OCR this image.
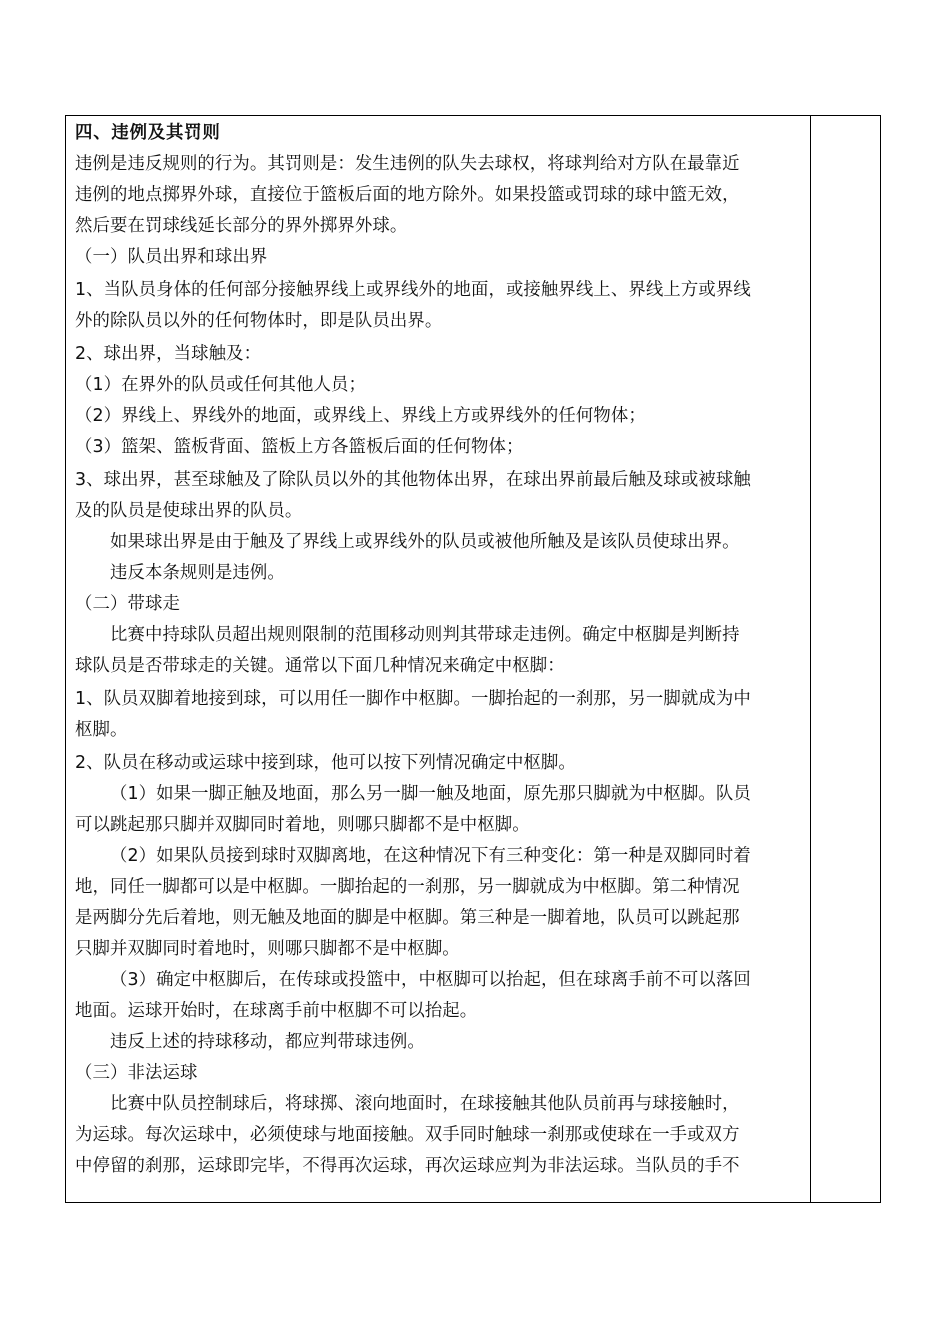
四、违例及其罚则
违例是违反规则的行为。其罚则是：发生违例的队失去球权，将球判给对方队在最靠近
违例的地点掷界外球，直接位于篮板后面的地方除外。如果投篮或罚球的球中篮无效，
然后要在罚球线延长部分的界外掷界外球。
（一）队员出界和球出界
1、当队员身体的任何部分接触界线上或界线外的地面，或接触界线上、界线上方或界线
外的除队员以外的任何物体时，即是队员出界。
2、球出界，当球触及：
（1）在界外的队员或任何其他人员；
（2）界线上、界线外的地面，或界线上、界线上方或界线外的任何物体；
（3）篮架、篮板背面、篮板上方各篮板后面的任何物体；
3、球出界，甚至球触及了除队员以外的其他物体出界，在球出界前最后触及球或被球触
及的队员是使球出界的队员。
如果球出界是由于触及了界线上或界线外的队员或被他所触及是该队员使球出界。
违反本条规则是违例。
（二）带球走
比赛中持球队员超出规则限制的范围移动则判其带球走违例。确定中枢脚是判断持
球队员是否带球走的关键。通常以下面几种情况来确定中枢脚：
1、队员双脚着地接到球，可以用任一脚作中枢脚。一脚抬起的一刹那，另一脚就成为中
枢脚。
2、队员在移动或运球中接到球，他可以按下列情况确定中枢脚。
（1）如果一脚正触及地面，那么另一脚一触及地面，原先那只脚就为中枢脚。队员
可以跳起那只脚并双脚同时着地，则哪只脚都不是中枢脚。
（2）如果队员接到球时双脚离地，在这种情况下有三种变化：第一种是双脚同时着
地，同任一脚都可以是中枢脚。一脚抬起的一刹那，另一脚就成为中枢脚。第二种情况
是两脚分先后着地，则无触及地面的脚是中枢脚。第三种是一脚着地，队员可以跳起那
只脚并双脚同时着地时，则哪只脚都不是中枢脚。
（3）确定中枢脚后，在传球或投篮中，中枢脚可以抬起，但在球离手前不可以落回
地面。运球开始时，在球离手前中枢脚不可以抬起。
违反上述的持球移动，都应判带球违例。
（三）非法运球
比赛中队员控制球后，将球掷、滚向地面时，在球接触其他队员前再与球接触时，
为运球。每次运球中，必须使球与地面接触。双手同时触球一刹那或使球在一手或双方
中停留的刹那，运球即完毕，不得再次运球，再次运球应判为非法运球。当队员的手不
